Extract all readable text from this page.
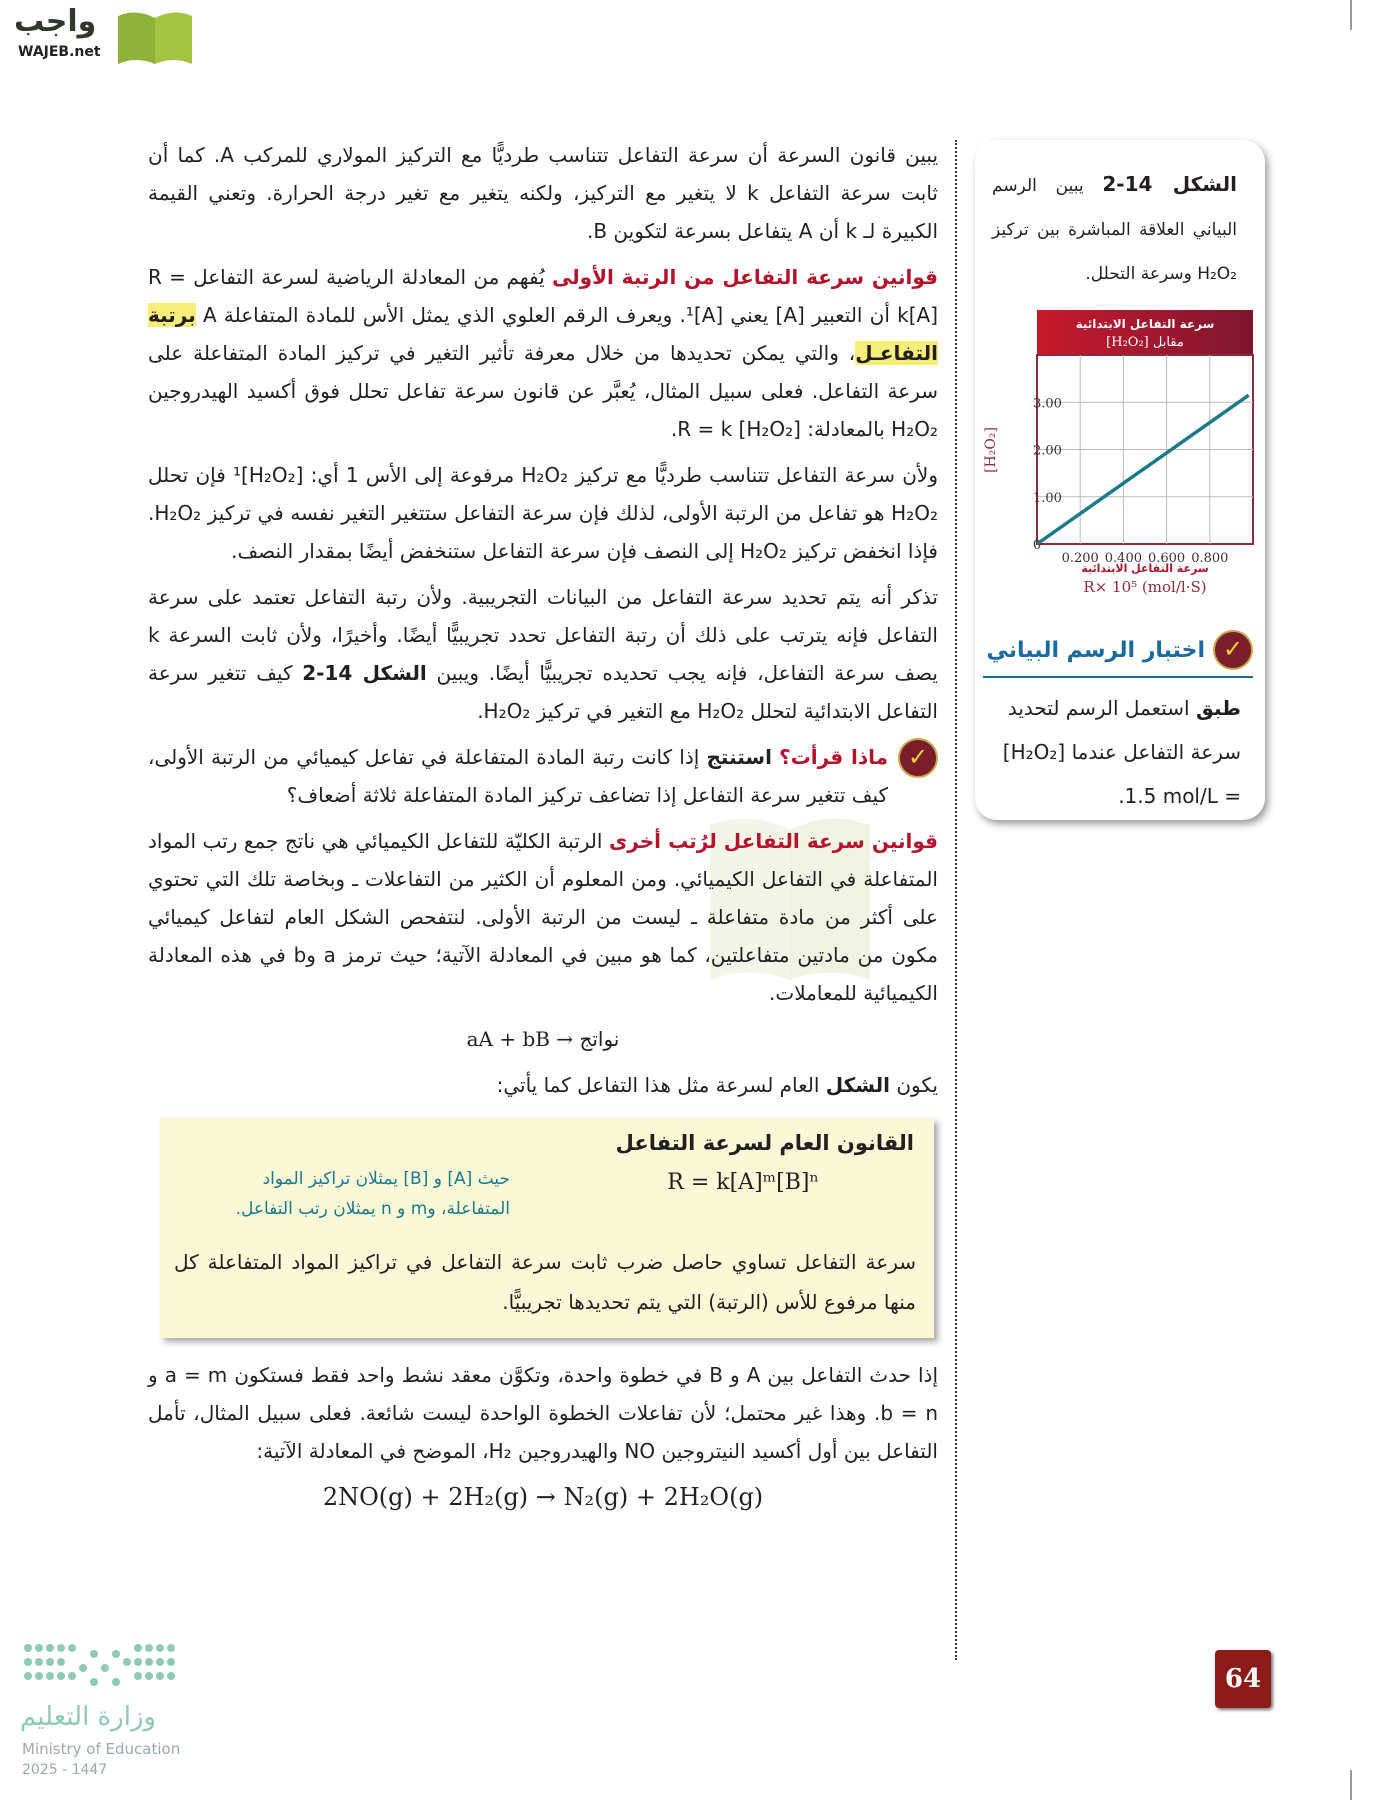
واجب
WAJEB.net

يبين قانون السرعة أن سرعة التفاعل تتناسب طرديًّا مع التركيز المولاري للمركب A. كما أن ثابت سرعة التفاعل k لا يتغير مع التركيز، ولكنه يتغير مع تغير درجة الحرارة. وتعني القيمة الكبيرة لـ k أن A يتفاعل بسرعة لتكوين B.

قوانين سرعة التفاعل من الرتبة الأولى يُفهم من المعادلة الرياضية لسرعة التفاعل R = k[A] أن التعبير [A] يعني [A]¹. ويعرف الرقم العلوي الذي يمثل الأس للمادة المتفاعلة A برتبة التفاعـل، والتي يمكن تحديدها من خلال معرفة تأثير التغير في تركيز المادة المتفاعلة على سرعة التفاعل. فعلى سبيل المثال، يُعبَّر عن قانون سرعة تفاعل تحلل فوق أكسيد الهيدروجين H₂O₂ بالمعادلة: R = k [H₂O₂].

ولأن سرعة التفاعل تتناسب طرديًّا مع تركيز H₂O₂ مرفوعة إلى الأس 1 أي: [H₂O₂]¹ فإن تحلل H₂O₂ هو تفاعل من الرتبة الأولى، لذلك فإن سرعة التفاعل ستتغير التغير نفسه في تركيز H₂O₂. فإذا انخفض تركيز H₂O₂ إلى النصف فإن سرعة التفاعل ستنخفض أيضًا بمقدار النصف.

تذكر أنه يتم تحديد سرعة التفاعل من البيانات التجريبية. ولأن رتبة التفاعل تعتمد على سرعة التفاعل فإنه يترتب على ذلك أن رتبة التفاعل تحدد تجريبيًّا أيضًا. وأخيرًا، ولأن ثابت السرعة k يصف سرعة التفاعل، فإنه يجب تحديده تجريبيًّا أيضًا. ويبين الشكل 14-2 كيف تتغير سرعة التفاعل الابتدائية لتحلل H₂O₂ مع التغير في تركيز H₂O₂.

✓
ماذا قرأت؟ استنتج إذا كانت رتبة المادة المتفاعلة في تفاعل كيميائي من الرتبة الأولى، كيف تتغير سرعة التفاعل إذا تضاعف تركيز المادة المتفاعلة ثلاثة أضعاف؟

قوانين سرعة التفاعل لرُتب أخرى الرتبة الكليّة للتفاعل الكيميائي هي ناتج جمع رتب المواد المتفاعلة في التفاعل الكيميائي. ومن المعلوم أن الكثير من التفاعلات ـ وبخاصة تلك التي تحتوي على أكثر من مادة متفاعلة ـ ليست من الرتبة الأولى. لنتفحص الشكل العام لتفاعل كيميائي مكون من مادتين متفاعلتين، كما هو مبين في المعادلة الآتية؛ حيث ترمز a وb في هذه المعادلة الكيميائية للمعاملات.

نواتج aA + bB →

يكون الشكل العام لسرعة مثل هذا التفاعل كما يأتي:

القانون العام لسرعة التفاعل
R = k[A]ᵐ[B]ⁿ
حيث [A] و [B] يمثلان تراكيز المواد المتفاعلة، وm و n يمثلان رتب التفاعل.
سرعة التفاعل تساوي حاصل ضرب ثابت سرعة التفاعل في تراكيز المواد المتفاعلة كل منها مرفوع للأس (الرتبة) التي يتم تحديدها تجريبيًّا.

إذا حدث التفاعل بين A و B في خطوة واحدة، وتكوَّن معقد نشط واحد فقط فستكون a = m و b = n. وهذا غير محتمل؛ لأن تفاعلات الخطوة الواحدة ليست شائعة. فعلى سبيل المثال، تأمل التفاعل بين أول أكسيد النيتروجين NO والهيدروجين H₂، الموضح في المعادلة الآتية:

2NO(g) + 2H₂(g) → N₂(g) + 2H₂O(g)

الشكل 14-2 يبين الرسم البياني العلاقة المباشرة بين تركيز H₂O₂ وسرعة التحلل.
سرعة التفاعل الابتدائية
مقابل [H₂O₂]
0.200 0.400 0.600 0.800
0
1.00
2.00
3.00
[H₂O₂]
سرعة التفاعل الابتدائية
R× 10⁵ (mol/l·S)
✓
اختبار الرسم البياني
طبق استعمل الرسم لتحديد سرعة التفاعل عندما [H₂O₂] = 1.5 mol/L.
64
وزارة التعليم
Ministry of Education
2025 - 1447
